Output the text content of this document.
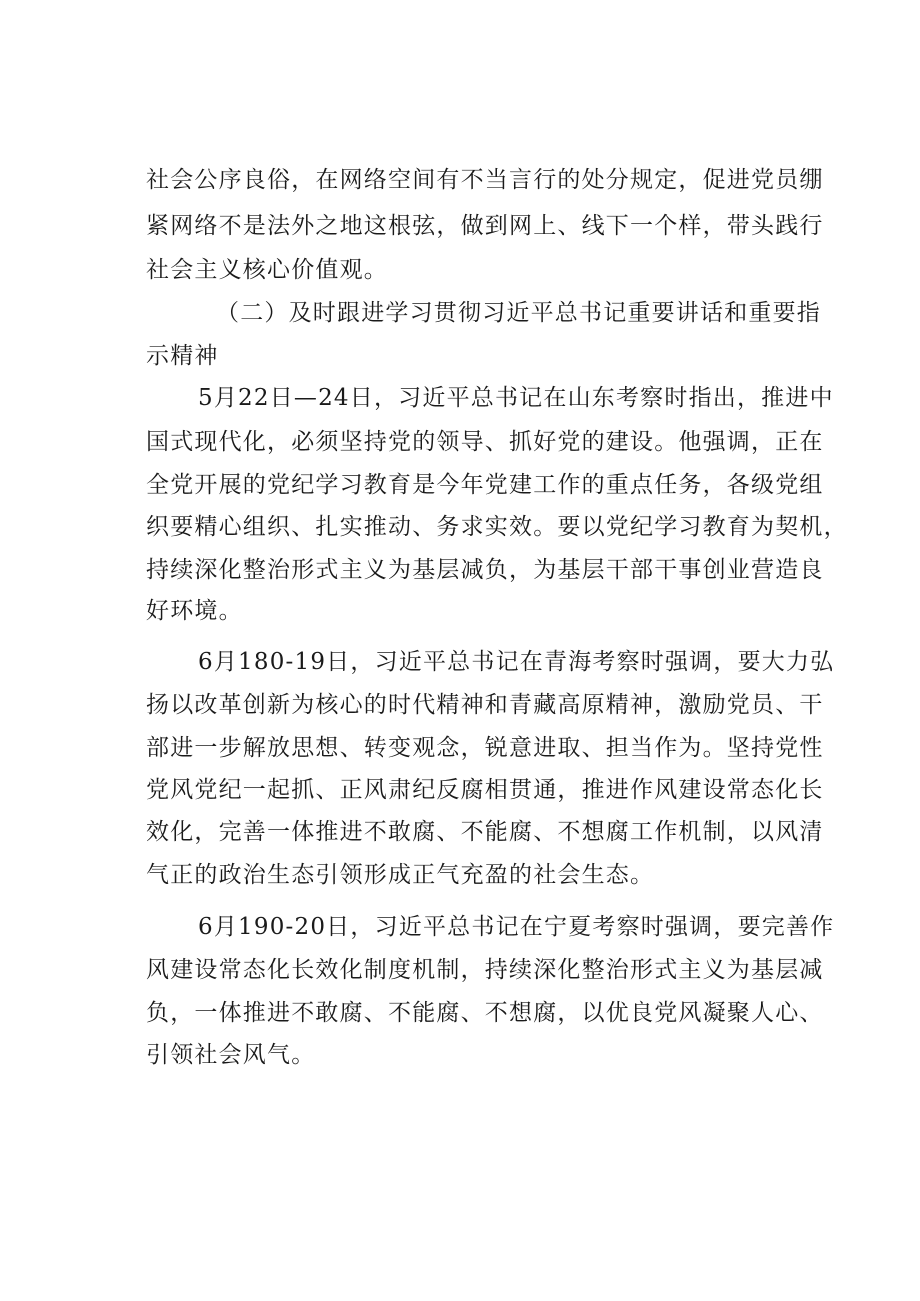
社会公序良俗，在网络空间有不当言行的处分规定，促进党员绷
紧网络不是法外之地这根弦，做到网上、线下一个样，带头践行
社会主义核心价值观。
（二）及时跟进学习贯彻习近平总书记重要讲话和重要指
示精神
5月22日—24日，习近平总书记在山东考察时指出，推进中
国式现代化，必须坚持党的领导、抓好党的建设。他强调，正在
全党开展的党纪学习教育是今年党建工作的重点任务，各级党组
织要精心组织、扎实推动、务求实效。要以党纪学习教育为契机，
持续深化整治形式主义为基层减负，为基层干部干事创业营造良
好环境。
6月180-19日，习近平总书记在青海考察时强调，要大力弘
扬以改革创新为核心的时代精神和青藏高原精神，激励党员、干
部进一步解放思想、转变观念，锐意进取、担当作为。坚持党性
党风党纪一起抓、正风肃纪反腐相贯通，推进作风建设常态化长
效化，完善一体推进不敢腐、不能腐、不想腐工作机制，以风清
气正的政治生态引领形成正气充盈的社会生态。
6月190-20日，习近平总书记在宁夏考察时强调，要完善作
风建设常态化长效化制度机制，持续深化整治形式主义为基层减
负，一体推进不敢腐、不能腐、不想腐，以优良党风凝聚人心、
引领社会风气。
